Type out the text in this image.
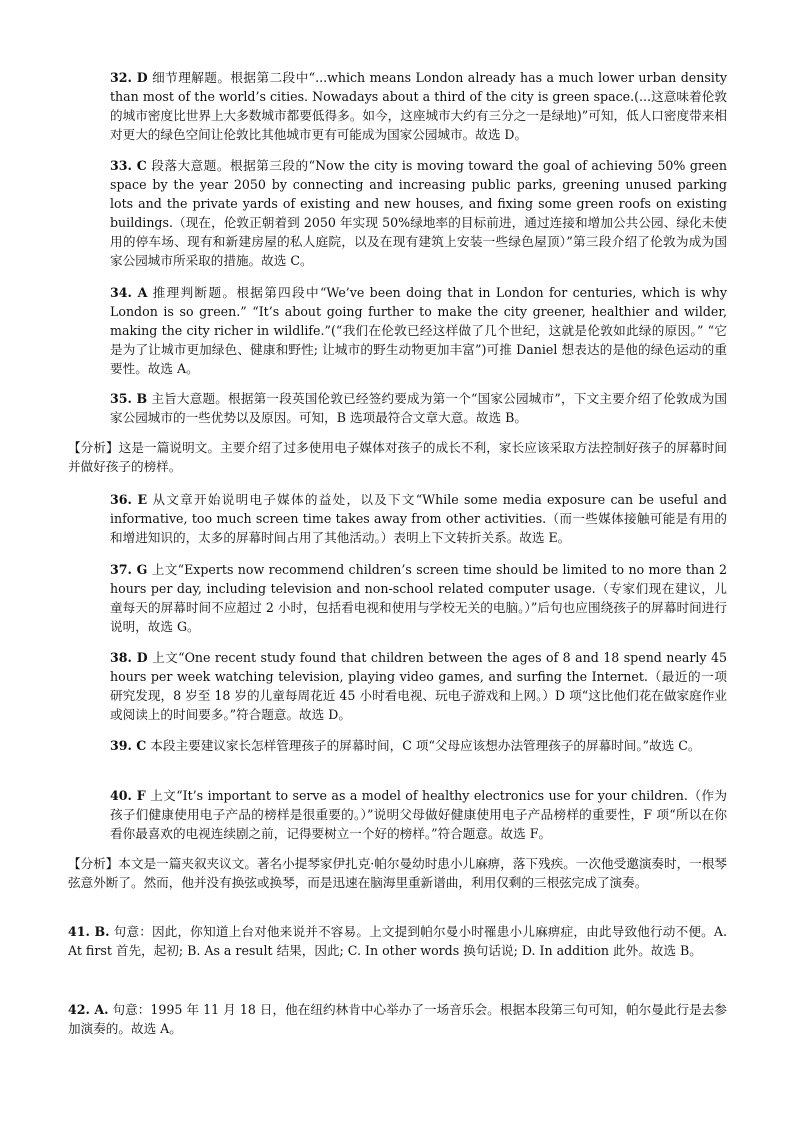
32. D 细节理解题。根据第二段中“...which means London already has a much lower urban density than most of the world’s cities. Nowadays about a third of the city is green space.(...这意味着伦敦的城市密度比世界上大多数城市都要低得多。如今，这座城市大约有三分之一是绿地)”可知，低人口密度带来相对更大的绿色空间让伦敦比其他城市更有可能成为国家公园城市。故选 D。
33. C 段落大意题。根据第三段的“Now the city is moving toward the goal of achieving 50% green space by the year 2050 by connecting and increasing public parks, greening unused parking lots and the private yards of existing and new houses, and fixing some green roofs on existing buildings.（现在，伦敦正朝着到 2050 年实现 50%绿地率的目标前进，通过连接和增加公共公园、绿化未使用的停车场、现有和新建房屋的私人庭院，以及在现有建筑上安装一些绿色屋顶）”第三段介绍了伦敦为成为国家公园城市所采取的措施。故选 C。
34. A 推理判断题。根据第四段中“We’ve been doing that in London for centuries, which is why London is so green.” “It’s about going further to make the city greener, healthier and wilder, making the city richer in wildlife.”(“我们在伦敦已经这样做了几个世纪，这就是伦敦如此绿的原因。” “它是为了让城市更加绿色、健康和野性; 让城市的野生动物更加丰富”)可推 Daniel 想表达的是他的绿色运动的重要性。故选 A。
35. B 主旨大意题。根据第一段英国伦敦已经签约要成为第一个“国家公园城市”，下文主要介绍了伦敦成为国家公园城市的一些优势以及原因。可知，B 选项最符合文章大意。故选 B。
【分析】这是一篇说明文。主要介绍了过多使用电子媒体对孩子的成长不利，家长应该采取方法控制好孩子的屏幕时间并做好孩子的榜样。
36. E 从文章开始说明电子媒体的益处，以及下文“While some media exposure can be useful and informative, too much screen time takes away from other activities.（而一些媒体接触可能是有用的和增进知识的，太多的屏幕时间占用了其他活动。）表明上下文转折关系。故选 E。
37. G 上文“Experts now recommend children’s screen time should be limited to no more than 2 hours per day, including television and non-school related computer usage.（专家们现在建议，儿童每天的屏幕时间不应超过 2 小时，包括看电视和使用与学校无关的电脑。）”后句也应围绕孩子的屏幕时间进行说明，故选 G。
38. D 上文“One recent study found that children between the ages of 8 and 18 spend nearly 45 hours per week watching television, playing video games, and surfing the Internet.（最近的一项研究发现，8 岁至 18 岁的儿童每周花近 45 小时看电视、玩电子游戏和上网。）D 项“这比他们花在做家庭作业或阅读上的时间要多。”符合题意。故选 D。
39. C 本段主要建议家长怎样管理孩子的屏幕时间，C 项“父母应该想办法管理孩子的屏幕时间。”故选 C。
40. F 上文“It’s important to serve as a model of healthy electronics use for your children.（作为孩子们健康使用电子产品的榜样是很重要的。）”说明父母做好健康使用电子产品榜样的重要性，F 项“所以在你看你最喜欢的电视连续剧之前，记得要树立一个好的榜样。”符合题意。故选 F。
【分析】本文是一篇夹叙夹议文。著名小提琴家伊扎克·帕尔曼幼时患小儿麻痹，落下残疾。一次他受邀演奏时，一根琴弦意外断了。然而，他并没有换弦或换琴，而是迅速在脑海里重新谱曲，利用仅剩的三根弦完成了演奏。
41. B. 句意：因此，你知道上台对他来说并不容易。上文提到帕尔曼小时罹患小儿麻痹症，由此导致他行动不便。A. At first 首先，起初; B. As a result 结果，因此; C. In other words 换句话说; D. In addition 此外。故选 B。
42. A. 句意：1995 年 11 月 18 日，他在纽约林肯中心举办了一场音乐会。根据本段第三句可知，帕尔曼此行是去参加演奏的。故选 A。
